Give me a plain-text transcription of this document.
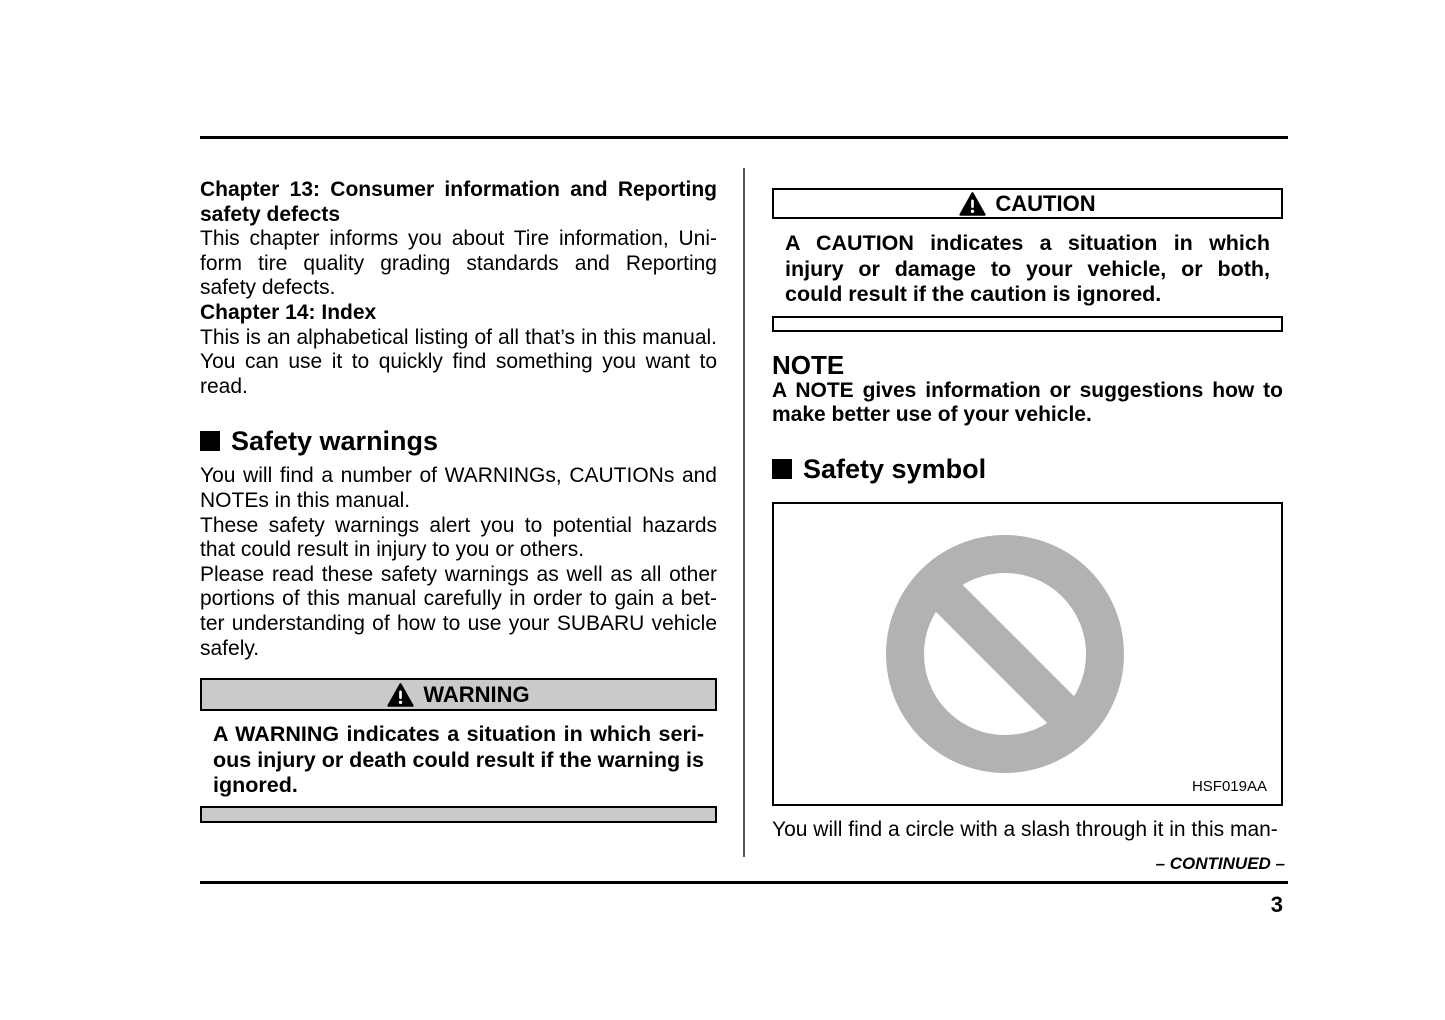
Chapter 13: Consumer information and Reporting safety defects

This chapter informs you about Tire information, Uniform tire quality grading standards and Reporting safety defects.

Chapter 14: Index

This is an alphabetical listing of all that’s in this manual. You can use it to quickly find something you want to read.

Safety warnings

You will find a number of WARNINGs, CAUTIONs and NOTEs in this manual.

These safety warnings alert you to potential hazards that could result in injury to you or others.

Please read these safety warnings as well as all other portions of this manual carefully in order to gain a better understanding of how to use your SUBARU vehicle safely.

WARNING

A WARNING indicates a situation in which serious injury or death could result if the warning is ignored.

CAUTION

A CAUTION indicates a situation in which injury or damage to your vehicle, or both, could result if the caution is ignored.

NOTE

A NOTE gives information or suggestions how to make better use of your vehicle.

Safety symbol
HSF019AA

You will find a circle with a slash through it in this man-

– CONTINUED –
3
